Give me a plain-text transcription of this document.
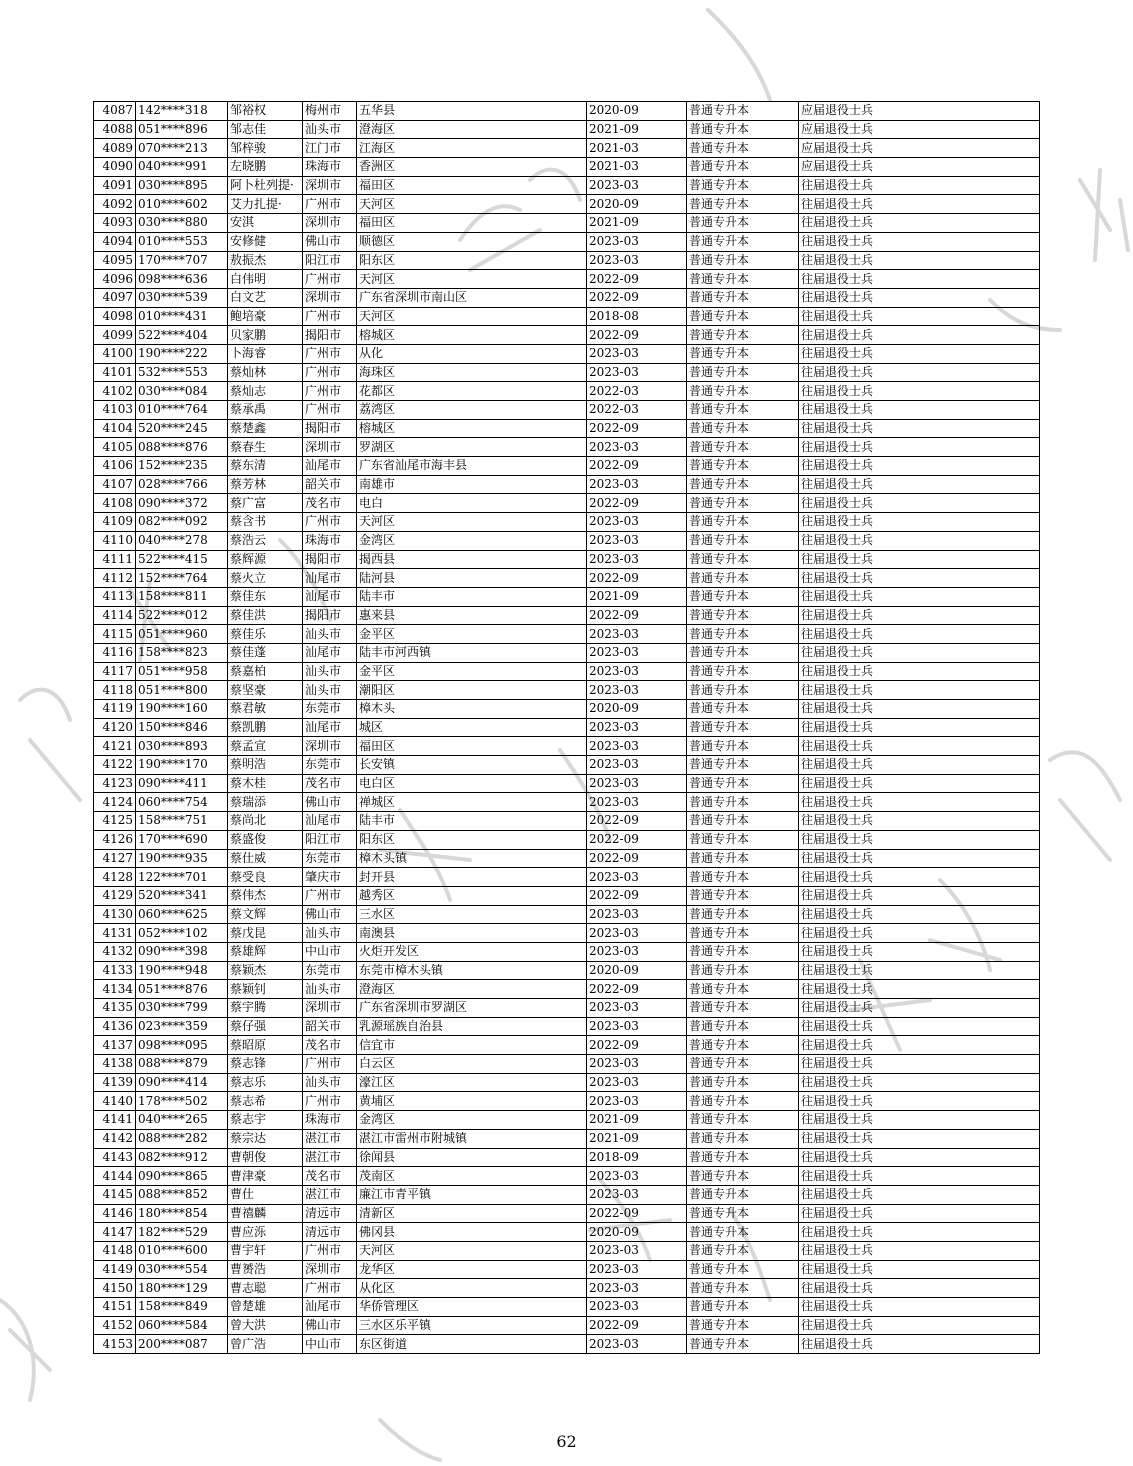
4087	142****318	邹裕权	梅州市	五华县	2020-09	普通专升本	应届退役士兵
4088	051****896	邹志佳	汕头市	澄海区	2021-09	普通专升本	应届退役士兵
4089	070****213	邹梓骏	江门市	江海区	2021-03	普通专升本	应届退役士兵
4090	040****991	左晓鹏	珠海市	香洲区	2021-03	普通专升本	应届退役士兵
4091	030****895	阿卜杜列提·	深圳市	福田区	2023-03	普通专升本	往届退役士兵
4092	010****602	艾力扎提·	广州市	天河区	2020-09	普通专升本	往届退役士兵
4093	030****880	安淇	深圳市	福田区	2021-09	普通专升本	往届退役士兵
4094	010****553	安修健	佛山市	顺德区	2023-03	普通专升本	往届退役士兵
4095	170****707	敖振杰	阳江市	阳东区	2023-03	普通专升本	往届退役士兵
4096	098****636	白伟明	广州市	天河区	2022-09	普通专升本	往届退役士兵
4097	030****539	白文艺	深圳市	广东省深圳市南山区	2022-09	普通专升本	往届退役士兵
4098	010****431	鲍培豪	广州市	天河区	2018-08	普通专升本	往届退役士兵
4099	522****404	贝家鹏	揭阳市	榕城区	2022-09	普通专升本	往届退役士兵
4100	190****222	卜海睿	广州市	从化	2023-03	普通专升本	往届退役士兵
4101	532****553	蔡灿林	广州市	海珠区	2023-03	普通专升本	往届退役士兵
4102	030****084	蔡灿志	广州市	花都区	2022-03	普通专升本	往届退役士兵
4103	010****764	蔡承禹	广州市	荔湾区	2022-03	普通专升本	往届退役士兵
4104	520****245	蔡楚鑫	揭阳市	榕城区	2022-09	普通专升本	往届退役士兵
4105	088****876	蔡春生	深圳市	罗湖区	2023-03	普通专升本	往届退役士兵
4106	152****235	蔡东清	汕尾市	广东省汕尾市海丰县	2022-09	普通专升本	往届退役士兵
4107	028****766	蔡芳林	韶关市	南雄市	2023-03	普通专升本	往届退役士兵
4108	090****372	蔡广富	茂名市	电白	2022-09	普通专升本	往届退役士兵
4109	082****092	蔡含书	广州市	天河区	2023-03	普通专升本	往届退役士兵
4110	040****278	蔡浩云	珠海市	金湾区	2023-03	普通专升本	往届退役士兵
4111	522****415	蔡辉源	揭阳市	揭西县	2023-03	普通专升本	往届退役士兵
4112	152****764	蔡火立	汕尾市	陆河县	2022-09	普通专升本	往届退役士兵
4113	158****811	蔡佳东	汕尾市	陆丰市	2021-09	普通专升本	往届退役士兵
4114	522****012	蔡佳洪	揭阳市	惠来县	2022-09	普通专升本	往届退役士兵
4115	051****960	蔡佳乐	汕头市	金平区	2023-03	普通专升本	往届退役士兵
4116	158****823	蔡佳蓬	汕尾市	陆丰市河西镇	2023-03	普通专升本	往届退役士兵
4117	051****958	蔡嘉柏	汕头市	金平区	2023-03	普通专升本	往届退役士兵
4118	051****800	蔡坚豪	汕头市	潮阳区	2023-03	普通专升本	往届退役士兵
4119	190****160	蔡君敏	东莞市	樟木头	2020-09	普通专升本	往届退役士兵
4120	150****846	蔡凯鹏	汕尾市	城区	2023-03	普通专升本	往届退役士兵
4121	030****893	蔡孟宣	深圳市	福田区	2023-03	普通专升本	往届退役士兵
4122	190****170	蔡明浩	东莞市	长安镇	2023-03	普通专升本	往届退役士兵
4123	090****411	蔡木桂	茂名市	电白区	2023-03	普通专升本	往届退役士兵
4124	060****754	蔡瑞添	佛山市	禅城区	2023-03	普通专升本	往届退役士兵
4125	158****751	蔡尚北	汕尾市	陆丰市	2022-09	普通专升本	往届退役士兵
4126	170****690	蔡盛俊	阳江市	阳东区	2022-09	普通专升本	往届退役士兵
4127	190****935	蔡仕威	东莞市	樟木头镇	2022-09	普通专升本	往届退役士兵
4128	122****701	蔡受良	肇庆市	封开县	2023-03	普通专升本	往届退役士兵
4129	520****341	蔡伟杰	广州市	越秀区	2022-09	普通专升本	往届退役士兵
4130	060****625	蔡文辉	佛山市	三水区	2023-03	普通专升本	往届退役士兵
4131	052****102	蔡戊昆	汕头市	南澳县	2023-03	普通专升本	往届退役士兵
4132	090****398	蔡雄辉	中山市	火炬开发区	2023-03	普通专升本	往届退役士兵
4133	190****948	蔡颖杰	东莞市	东莞市樟木头镇	2020-09	普通专升本	往届退役士兵
4134	051****876	蔡颖钊	汕头市	澄海区	2022-09	普通专升本	往届退役士兵
4135	030****799	蔡宇腾	深圳市	广东省深圳市罗湖区	2023-03	普通专升本	往届退役士兵
4136	023****359	蔡仔强	韶关市	乳源瑶族自治县	2023-03	普通专升本	往届退役士兵
4137	098****095	蔡昭原	茂名市	信宜市	2022-09	普通专升本	往届退役士兵
4138	088****879	蔡志锋	广州市	白云区	2023-03	普通专升本	往届退役士兵
4139	090****414	蔡志乐	汕头市	濠江区	2023-03	普通专升本	往届退役士兵
4140	178****502	蔡志希	广州市	黄埔区	2023-03	普通专升本	往届退役士兵
4141	040****265	蔡志宇	珠海市	金湾区	2021-09	普通专升本	往届退役士兵
4142	088****282	蔡宗达	湛江市	湛江市雷州市附城镇	2021-09	普通专升本	往届退役士兵
4143	082****912	曹朝俊	湛江市	徐闻县	2018-09	普通专升本	往届退役士兵
4144	090****865	曹津豪	茂名市	茂南区	2023-03	普通专升本	往届退役士兵
4145	088****852	曹仕	湛江市	廉江市青平镇	2023-03	普通专升本	往届退役士兵
4146	180****854	曹禧麟	清远市	清新区	2022-09	普通专升本	往届退役士兵
4147	182****529	曹应泺	清远市	佛冈县	2020-09	普通专升本	往届退役士兵
4148	010****600	曹宇轩	广州市	天河区	2023-03	普通专升本	往届退役士兵
4149	030****554	曹赟浩	深圳市	龙华区	2023-03	普通专升本	往届退役士兵
4150	180****129	曹志聪	广州市	从化区	2023-03	普通专升本	往届退役士兵
4151	158****849	曾楚雄	汕尾市	华侨管理区	2023-03	普通专升本	往届退役士兵
4152	060****584	曾大洪	佛山市	三水区乐平镇	2022-09	普通专升本	往届退役士兵
4153	200****087	曾广浩	中山市	东区街道	2023-03	普通专升本	往届退役士兵
62
